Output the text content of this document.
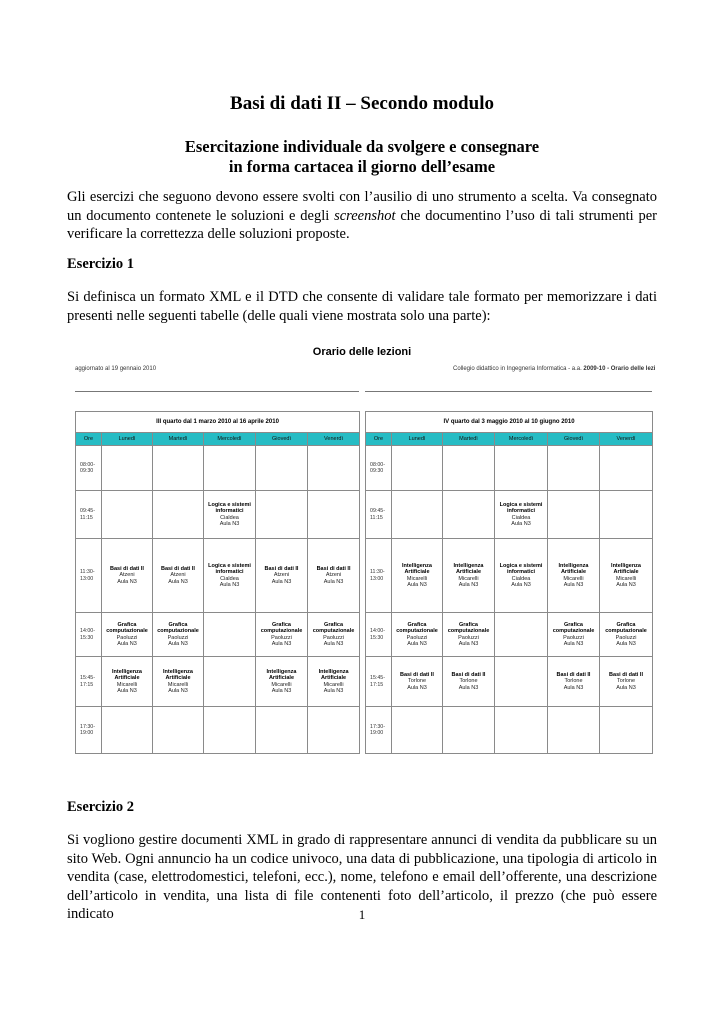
Basi di dati II – Secondo modulo
Esercitazione individuale da svolgere e consegnare
in forma cartacea il giorno dell’esame
Gli esercizi che seguono devono essere svolti con l’ausilio di uno strumento a scelta. Va consegnato un documento contenete le soluzioni e degli screenshot che documentino l’uso di tali strumenti per verificare la correttezza delle soluzioni proposte.
Esercizio 1
Si definisca un formato XML e il DTD che consente di validare tale formato per memorizzare i dati presenti nelle seguenti tabelle (delle quali viene mostrata solo una parte):
Orario delle lezioni
aggiornato al 19 gennaio 2010	Collegio didattico in Ingegneria Informatica - a.a. 2009-10 - Orario delle lezi
III quarto dal 1 marzo 2010 al 16 aprile 2010					
Ore	Lunedì	Martedì	Mercoledì	Giovedì	Venerdì

08:00-
09:30					

09:45-
11:15			Logica e sistemi
informatici
Cialdea
Aula N3		

11:30-
13:00	Basi di dati II
Atzeni
Aula N3	Basi di dati II
Atzeni
Aula N3	Logica e sistemi
informatici
Cialdea
Aula N3	Basi di dati II
Atzeni
Aula N3	Basi di dati II
Atzeni
Aula N3

14:00-
15:30	Grafica
computazionale
Paoluzzi
Aula N3	Grafica
computazionale
Paoluzzi
Aula N3		Grafica
computazionale
Paoluzzi
Aula N3	Grafica
computazionale
Paoluzzi
Aula N3

15:45-
17:15	Intelligenza
Artificiale
Micarelli
Aula N3	Intelligenza
Artificiale
Micarelli
Aula N3		Intelligenza
Artificiale
Micarelli
Aula N3	Intelligenza
Artificiale
Micarelli
Aula N3

17:30-
19:00					

IV quarto dal 3 maggio 2010 al 10 giugno 2010					
Ore	Lunedì	Martedì	Mercoledì	Giovedì	Venerdì

08:00-
09:30					

09:45-
11:15			Logica e sistemi
informatici
Cialdea
Aula N3		

11:30-
13:00	Intelligenza
Artificiale
Micarelli
Aula N3	Intelligenza
Artificiale
Micarelli
Aula N3	Logica e sistemi
informatici
Cialdea
Aula N3	Intelligenza
Artificiale
Micarelli
Aula N3	Intelligenza
Artificiale
Micarelli
Aula N3

14:00-
15:30	Grafica
computazionale
Paoluzzi
Aula N3	Grafica
computazionale
Paoluzzi
Aula N3		Grafica
computazionale
Paoluzzi
Aula N3	Grafica
computazionale
Paoluzzi
Aula N3

15:45-
17:15	Basi di dati II
Torlone
Aula N3	Basi di dati II
Torlone
Aula N3		Basi di dati II
Torlone
Aula N3	Basi di dati II
Torlone
Aula N3

17:30-
19:00					

Esercizio 2
Si vogliono gestire documenti XML in grado di rappresentare annunci di vendita da pubblicare su un sito Web. Ogni annuncio ha un codice univoco, una data di pubblicazione, una tipologia di articolo in vendita (case, elettrodomestici, telefoni, ecc.), nome, telefono e email dell’offerente, una descrizione dell’articolo in vendita, una lista di file contenenti foto dell’articolo, il prezzo (che può essere indicato	1
